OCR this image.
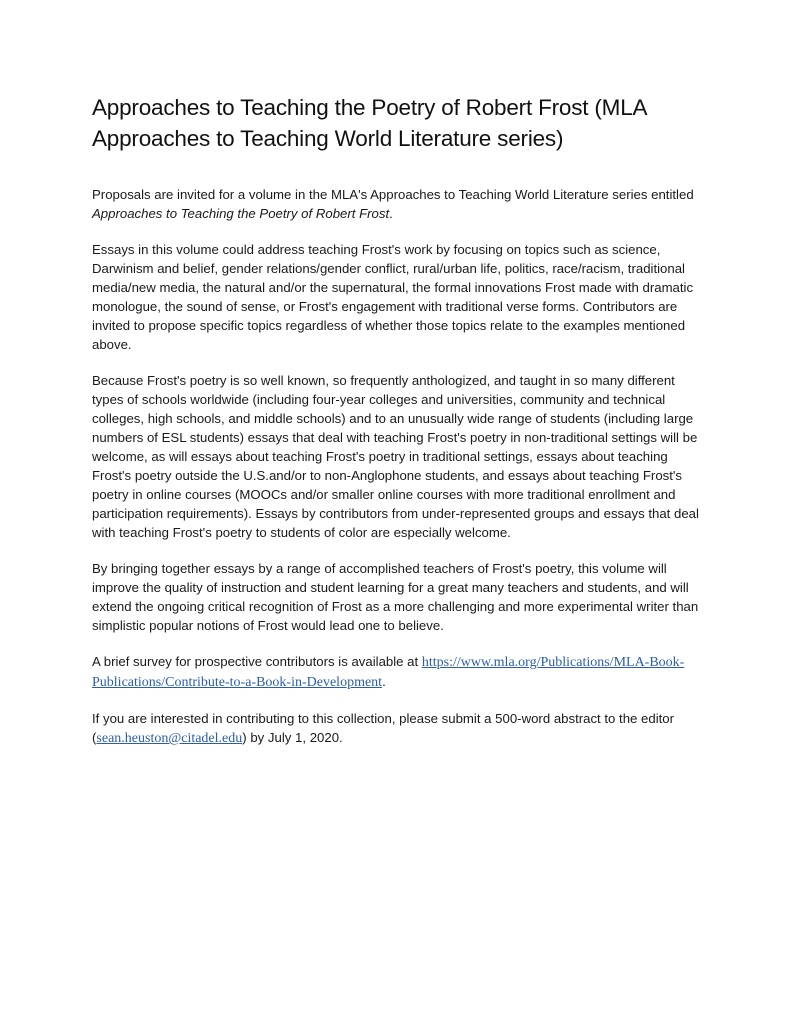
Approaches to Teaching the Poetry of Robert Frost (MLA Approaches to Teaching World Literature series)

Proposals are invited for a volume in the MLA's Approaches to Teaching World Literature series entitled Approaches to Teaching the Poetry of Robert Frost.

Essays in this volume could address teaching Frost's work by focusing on topics such as science, Darwinism and belief, gender relations/gender conflict, rural/urban life, politics, race/racism, traditional media/new media, the natural and/or the supernatural, the formal innovations Frost made with dramatic monologue, the sound of sense, or Frost's engagement with traditional verse forms. Contributors are invited to propose specific topics regardless of whether those topics relate to the examples mentioned above.

Because Frost's poetry is so well known, so frequently anthologized, and taught in so many different types of schools worldwide (including four-year colleges and universities, community and technical colleges, high schools, and middle schools) and to an unusually wide range of students (including large numbers of ESL students) essays that deal with teaching Frost's poetry in non-traditional settings will be welcome, as will essays about teaching Frost's poetry in traditional settings, essays about teaching Frost's poetry outside the U.S.and/or to non-Anglophone students, and essays about teaching Frost's poetry in online courses (MOOCs and/or smaller online courses with more traditional enrollment and participation requirements). Essays by contributors from under-represented groups and essays that deal with teaching Frost's poetry to students of color are especially welcome.

By bringing together essays by a range of accomplished teachers of Frost's poetry, this volume will improve the quality of instruction and student learning for a great many teachers and students, and will extend the ongoing critical recognition of Frost as a more challenging and more experimental writer than simplistic popular notions of Frost would lead one to believe.

A brief survey for prospective contributors is available at https://www.mla.org/Publications/MLA-Book-Publications/Contribute-to-a-Book-in-Development.

If you are interested in contributing to this collection, please submit a 500-word abstract to the editor (sean.heuston@citadel.edu) by July 1, 2020.
